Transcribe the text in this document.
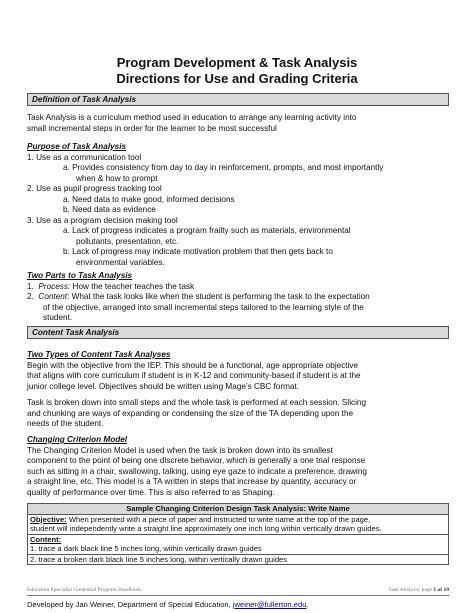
Program Development & Task Analysis
Directions for Use and Grading Criteria
Definition of Task Analysis
Task Analysis is a curriculum method used in education to arrange any learning activity into
small incremental steps in order for the learner to be most successful
Purpose of Task Analysis
1. Use as a communication tool
a. Provides consistency from day to day in reinforcement, prompts, and most importantly
when & how to prompt
2. Use as pupil progress tracking tool
a. Need data to make good, informed decisions
b. Need data as evidence
3. Use as a program decision making tool
a. Lack of progress indicates a program frailty such as materials, environmental
pollutants, presentation, etc.
b. Lack of progress may indicate motivation problem that then gets back to
environmental variables.
Two Parts to Task Analysis
1. Process: How the teacher teaches the task
2. Content: What the task looks like when the student is performing the task to the expectation
of the objective, arranged into small incremental steps tailored to the learning style of the
student.
Content Task Analysis
Two Types of Content Task Analyses
Begin with the objective from the IEP. This should be a functional, age appropriate objective
that aligns with core curriculum if student is in K-12 and community-based if student is at the
junior college level. Objectives should be written using Mage’s CBC format.
Task is broken down into small steps and the whole task is performed at each session. Slicing
and chunking are ways of expanding or condensing the size of the TA depending upon the
needs of the student.
Changing Criterion Model
The Changing Criterion Model is used when the task is broken down into its smallest
component to the point of being one discrete behavior, which is generally a one trial response
such as sitting in a chair, swallowing, talking, using eye gaze to indicate a preference, drawing
a straight line, etc. This model is a TA written in steps that increase by quantity, accuracy or
quality of performance over time. This is also referred to as Shaping.
Sample Changing Criterion Design Task Analysis: Write Name

Objective: When presented with a piece of paper and instructed to write name at the top of the page,
student will independently write a straight line approximately one inch long within vertically drawn guides.

Content:
1. trace a dark black line 5 inches long, within vertically drawn guides

2. trace a broken dark black line 5 inches long, within vertically drawn guides
Education Specialist Credential Program Handbook	Task Analysis, page 1 of 10
Developed by Jan Weiner, Department of Special Education, jweiner@fullerton.edu.
